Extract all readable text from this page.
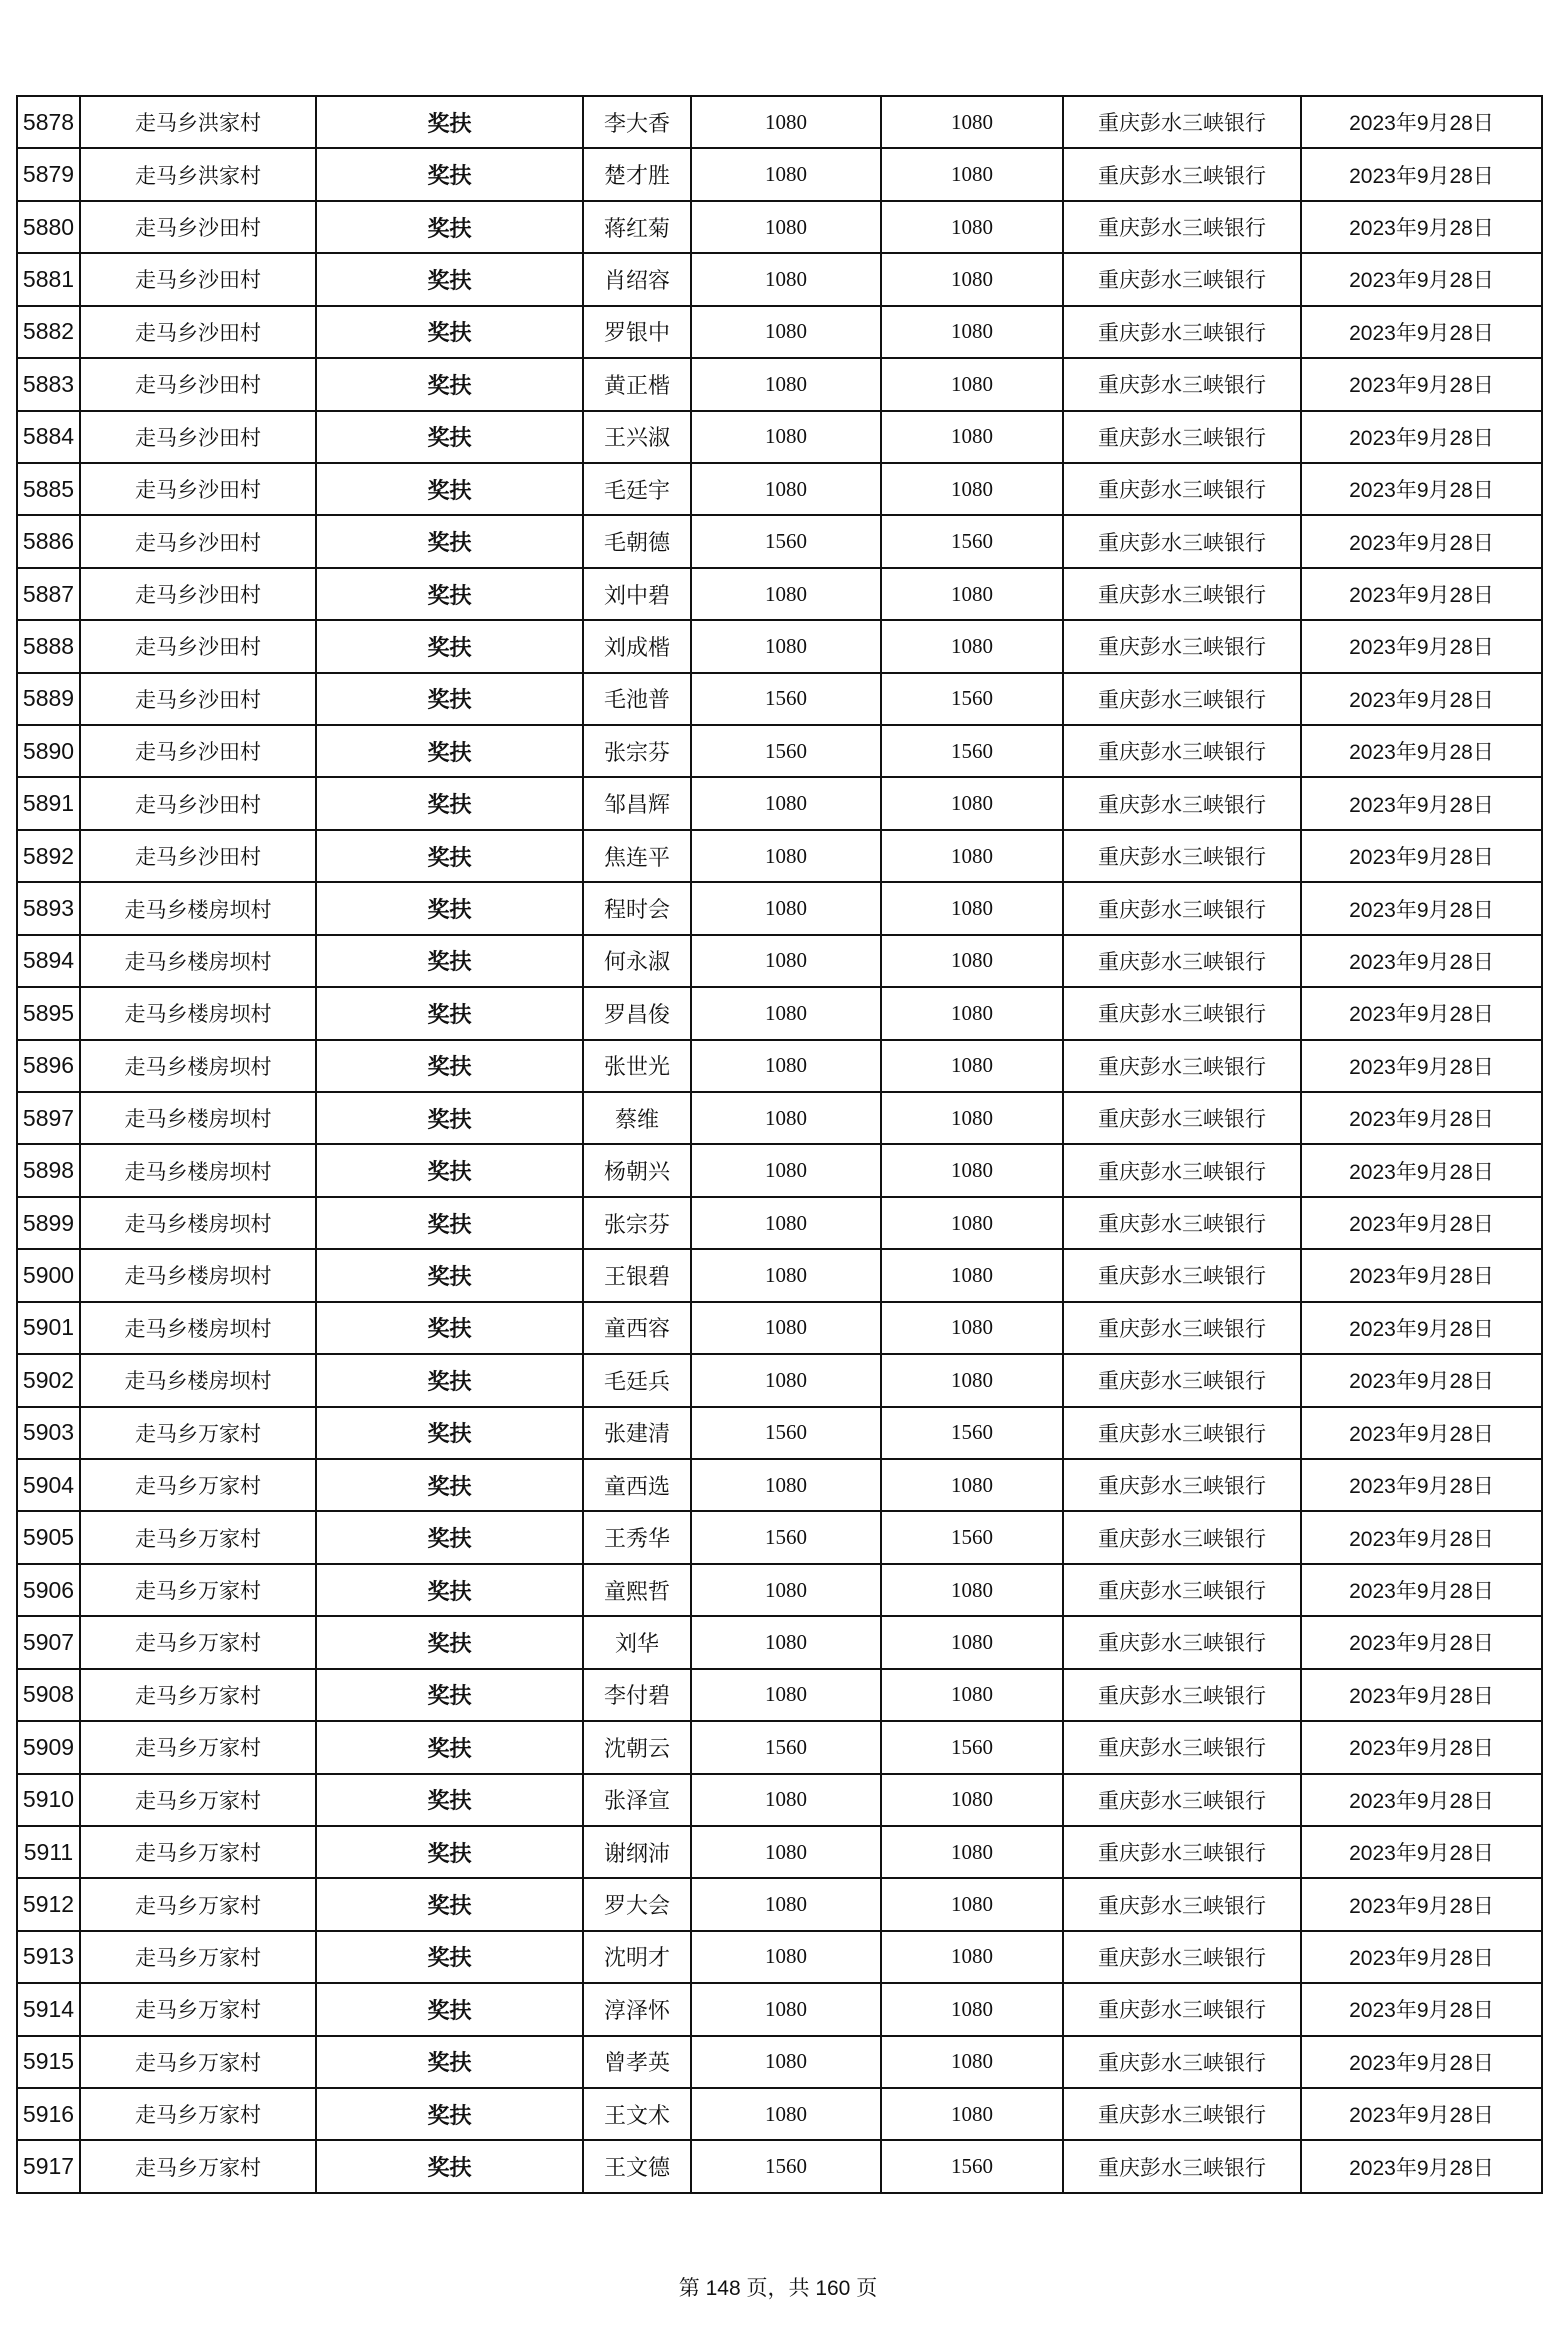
5878	走马乡洪家村	奖扶	李大香	1080	1080	重庆彭水三峡银行	2023年9月28日
5879	走马乡洪家村	奖扶	楚才胜	1080	1080	重庆彭水三峡银行	2023年9月28日
5880	走马乡沙田村	奖扶	蒋红菊	1080	1080	重庆彭水三峡银行	2023年9月28日
5881	走马乡沙田村	奖扶	肖绍容	1080	1080	重庆彭水三峡银行	2023年9月28日
5882	走马乡沙田村	奖扶	罗银中	1080	1080	重庆彭水三峡银行	2023年9月28日
5883	走马乡沙田村	奖扶	黄正楷	1080	1080	重庆彭水三峡银行	2023年9月28日
5884	走马乡沙田村	奖扶	王兴淑	1080	1080	重庆彭水三峡银行	2023年9月28日
5885	走马乡沙田村	奖扶	毛廷宇	1080	1080	重庆彭水三峡银行	2023年9月28日
5886	走马乡沙田村	奖扶	毛朝德	1560	1560	重庆彭水三峡银行	2023年9月28日
5887	走马乡沙田村	奖扶	刘中碧	1080	1080	重庆彭水三峡银行	2023年9月28日
5888	走马乡沙田村	奖扶	刘成楷	1080	1080	重庆彭水三峡银行	2023年9月28日
5889	走马乡沙田村	奖扶	毛池普	1560	1560	重庆彭水三峡银行	2023年9月28日
5890	走马乡沙田村	奖扶	张宗芬	1560	1560	重庆彭水三峡银行	2023年9月28日
5891	走马乡沙田村	奖扶	邹昌辉	1080	1080	重庆彭水三峡银行	2023年9月28日
5892	走马乡沙田村	奖扶	焦连平	1080	1080	重庆彭水三峡银行	2023年9月28日
5893	走马乡楼房坝村	奖扶	程时会	1080	1080	重庆彭水三峡银行	2023年9月28日
5894	走马乡楼房坝村	奖扶	何永淑	1080	1080	重庆彭水三峡银行	2023年9月28日
5895	走马乡楼房坝村	奖扶	罗昌俊	1080	1080	重庆彭水三峡银行	2023年9月28日
5896	走马乡楼房坝村	奖扶	张世光	1080	1080	重庆彭水三峡银行	2023年9月28日
5897	走马乡楼房坝村	奖扶	蔡维	1080	1080	重庆彭水三峡银行	2023年9月28日
5898	走马乡楼房坝村	奖扶	杨朝兴	1080	1080	重庆彭水三峡银行	2023年9月28日
5899	走马乡楼房坝村	奖扶	张宗芬	1080	1080	重庆彭水三峡银行	2023年9月28日
5900	走马乡楼房坝村	奖扶	王银碧	1080	1080	重庆彭水三峡银行	2023年9月28日
5901	走马乡楼房坝村	奖扶	童西容	1080	1080	重庆彭水三峡银行	2023年9月28日
5902	走马乡楼房坝村	奖扶	毛廷兵	1080	1080	重庆彭水三峡银行	2023年9月28日
5903	走马乡万家村	奖扶	张建清	1560	1560	重庆彭水三峡银行	2023年9月28日
5904	走马乡万家村	奖扶	童西选	1080	1080	重庆彭水三峡银行	2023年9月28日
5905	走马乡万家村	奖扶	王秀华	1560	1560	重庆彭水三峡银行	2023年9月28日
5906	走马乡万家村	奖扶	童熙哲	1080	1080	重庆彭水三峡银行	2023年9月28日
5907	走马乡万家村	奖扶	刘华	1080	1080	重庆彭水三峡银行	2023年9月28日
5908	走马乡万家村	奖扶	李付碧	1080	1080	重庆彭水三峡银行	2023年9月28日
5909	走马乡万家村	奖扶	沈朝云	1560	1560	重庆彭水三峡银行	2023年9月28日
5910	走马乡万家村	奖扶	张泽宣	1080	1080	重庆彭水三峡银行	2023年9月28日
5911	走马乡万家村	奖扶	谢纲沛	1080	1080	重庆彭水三峡银行	2023年9月28日
5912	走马乡万家村	奖扶	罗大会	1080	1080	重庆彭水三峡银行	2023年9月28日
5913	走马乡万家村	奖扶	沈明才	1080	1080	重庆彭水三峡银行	2023年9月28日
5914	走马乡万家村	奖扶	淳泽怀	1080	1080	重庆彭水三峡银行	2023年9月28日
5915	走马乡万家村	奖扶	曾孝英	1080	1080	重庆彭水三峡银行	2023年9月28日
5916	走马乡万家村	奖扶	王文术	1080	1080	重庆彭水三峡银行	2023年9月28日
5917	走马乡万家村	奖扶	王文德	1560	1560	重庆彭水三峡银行	2023年9月28日
第 148 页，共 160 页
